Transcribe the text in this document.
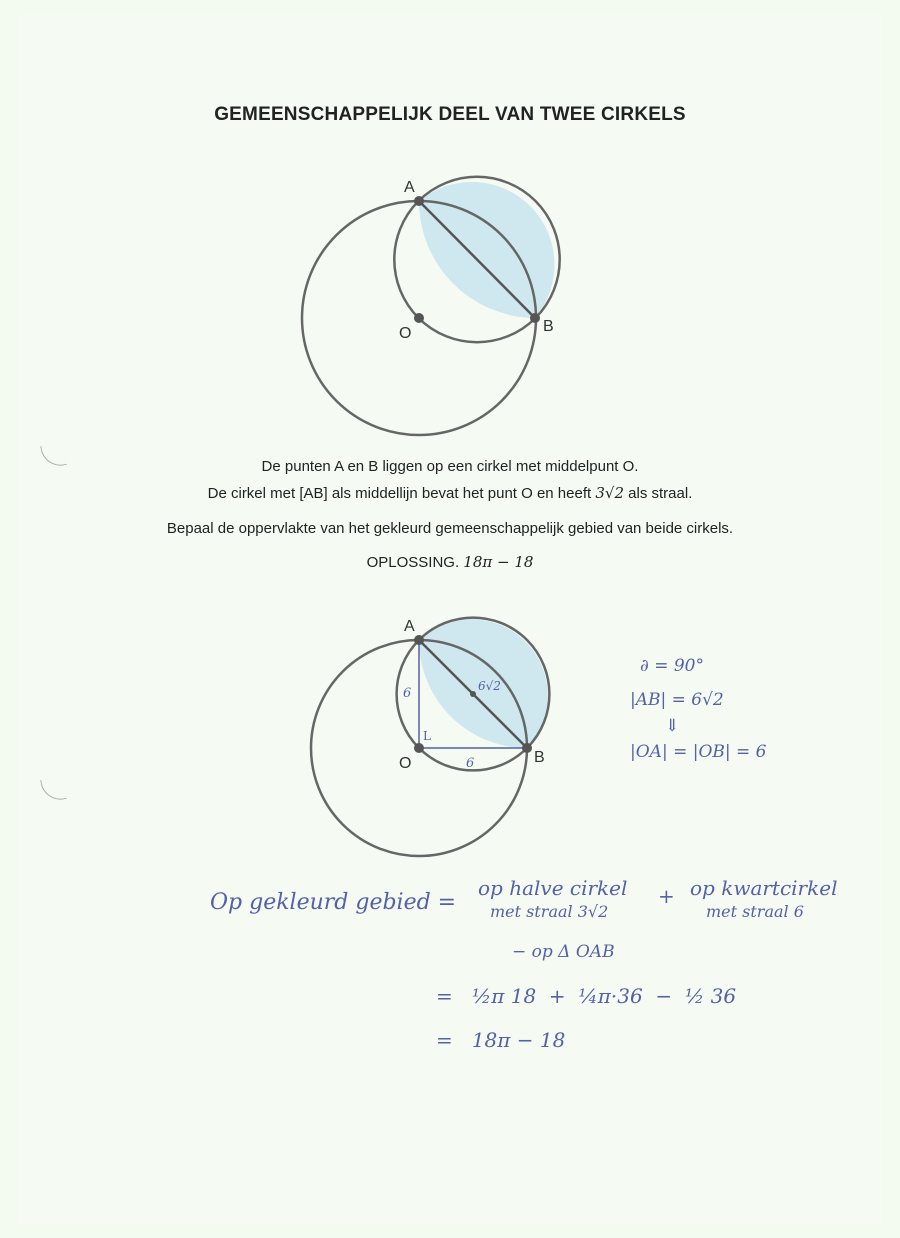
GEMEENSCHAPPELIJK DEEL VAN TWEE CIRKELS
A
B
O
De punten A en B liggen op een cirkel met middelpunt O.
De cirkel met [AB] als middellijn bevat het punt O en heeft 3√2 als straal.
Bepaal de oppervlakte van het gekleurd gemeenschappelijk gebied van beide cirkels.
OPLOSSING. 18π − 18
A
B
O
6
6
6√2
L
∂ = 90°
|AB| = 6√2
⇓
|OA| = |OB| = 6
Op gekleurd gebied =
op halve cirkel
met straal 3√2
+ op kwartcirkel
met straal 6
− op Δ OAB
=   ½π 18  +  ¼π·36  −  ½ 36
=   18π − 18
